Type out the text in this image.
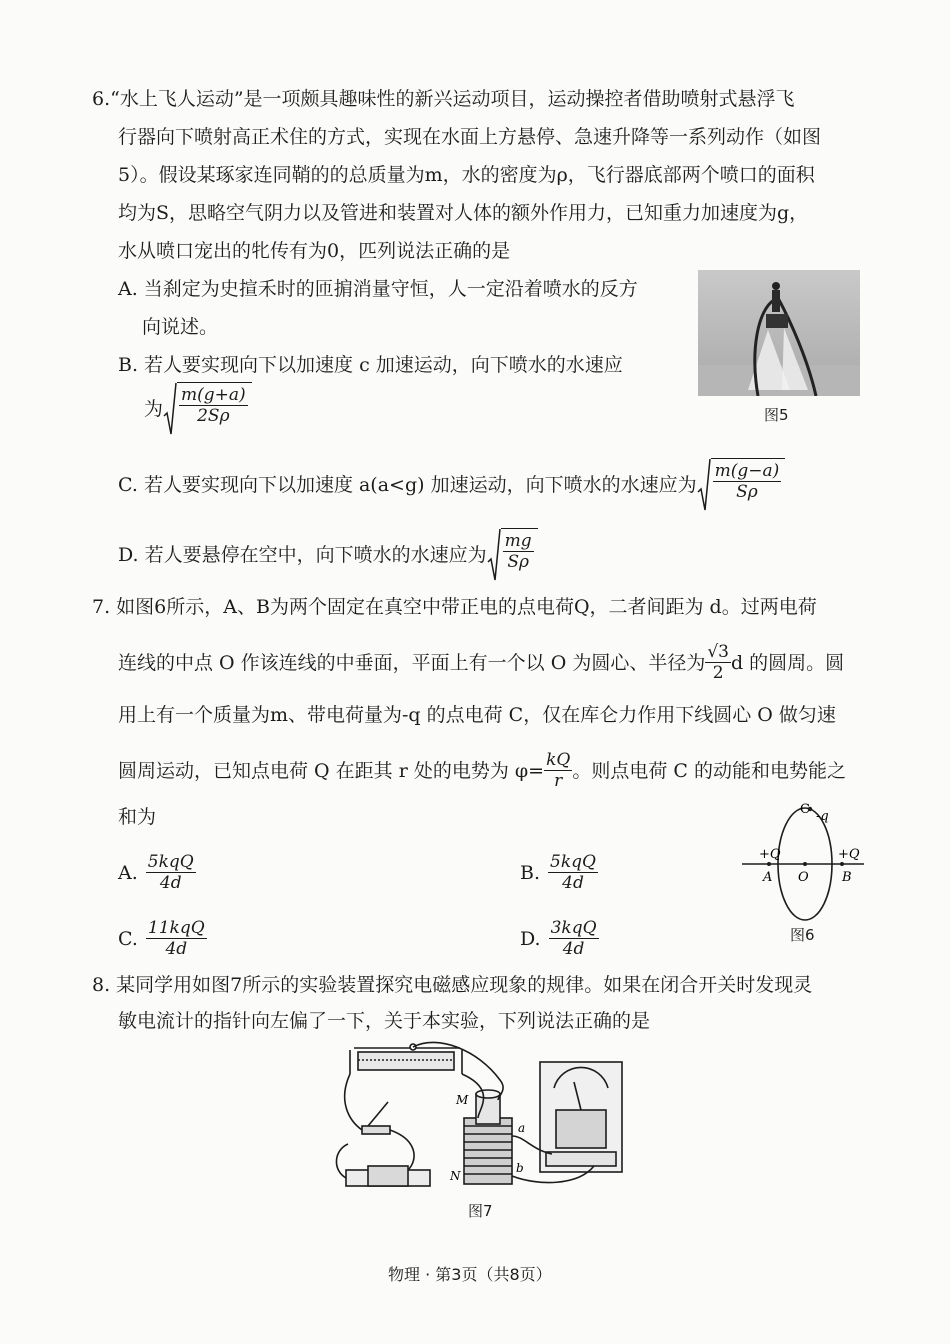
6.“水上飞人运动”是一项颇具趣味性的新兴运动项目，运动操控者借助喷射式悬浮飞
行器向下喷射高正术住的方式，实现在水面上方悬停、急速升降等一系列动作（如图
5）。假设某琢家连同鞘的的总质量为m，水的密度为ρ，飞行器底部两个喷口的面积
均为S，思略空气阴力以及管进和装置对人体的额外作用力，已知重力加速度为g，
水从喷口宠出的牝传有为0，匹列说法正确的是
A. 当刹定为史揎禾时的匝掮消量守恒，人一定沿着喷水的反方
向说述。
B. 若人要实现向下以加速度 c 加速运动，向下喷水的水速应
为 $\frac{m(g+a)}{2S\rho}$
C. 若人要实现向下以加速度 a(a<g) 加速运动，向下喷水的水速应为 $\frac{m(g-a)}{S\rho}$
D. 若人要悬停在空中，向下喷水的水速应为 $\frac{mg}{S\rho}$
图5
7. 如图6所示，A、B为两个固定在真空中带正电的点电荷Q，二者间距为 d。过两电荷
连线的中点 O 作该连线的中垂面，平面上有一个以 O 为圆心、半径为 $\frac{√3}{2}$ d 的圆周。圆
用上有一个质量为m、带电荷量为-q 的点电荷 C，仅在库仑力作用下线圆心 O 做匀速
圆周运动，已知点电荷 Q 在距其 r 处的电势为 $\varphi= \frac{kQ}{r}$ 。则点电荷 C 的动能和电势能之
和为
A. $\frac{\text{5kqQ}}{4d}$	B. $\frac{\text{5kqQ}}{4d}$
C. $\frac{\text{11kqQ}}{4d}$	D. $\frac{\text{3kqQ}}{4d}$
C -q
+Q	+Q
A O	B
图6
8. 某同学用如图7所示的实验装置探究电磁感应现象的规律。如果在闭合开关时发现灵
敏电流计的指针向左偏了一下，关于本实验，下列说法正确的是
M
N
a
b
图7
物理 · 第3页（共8页）
